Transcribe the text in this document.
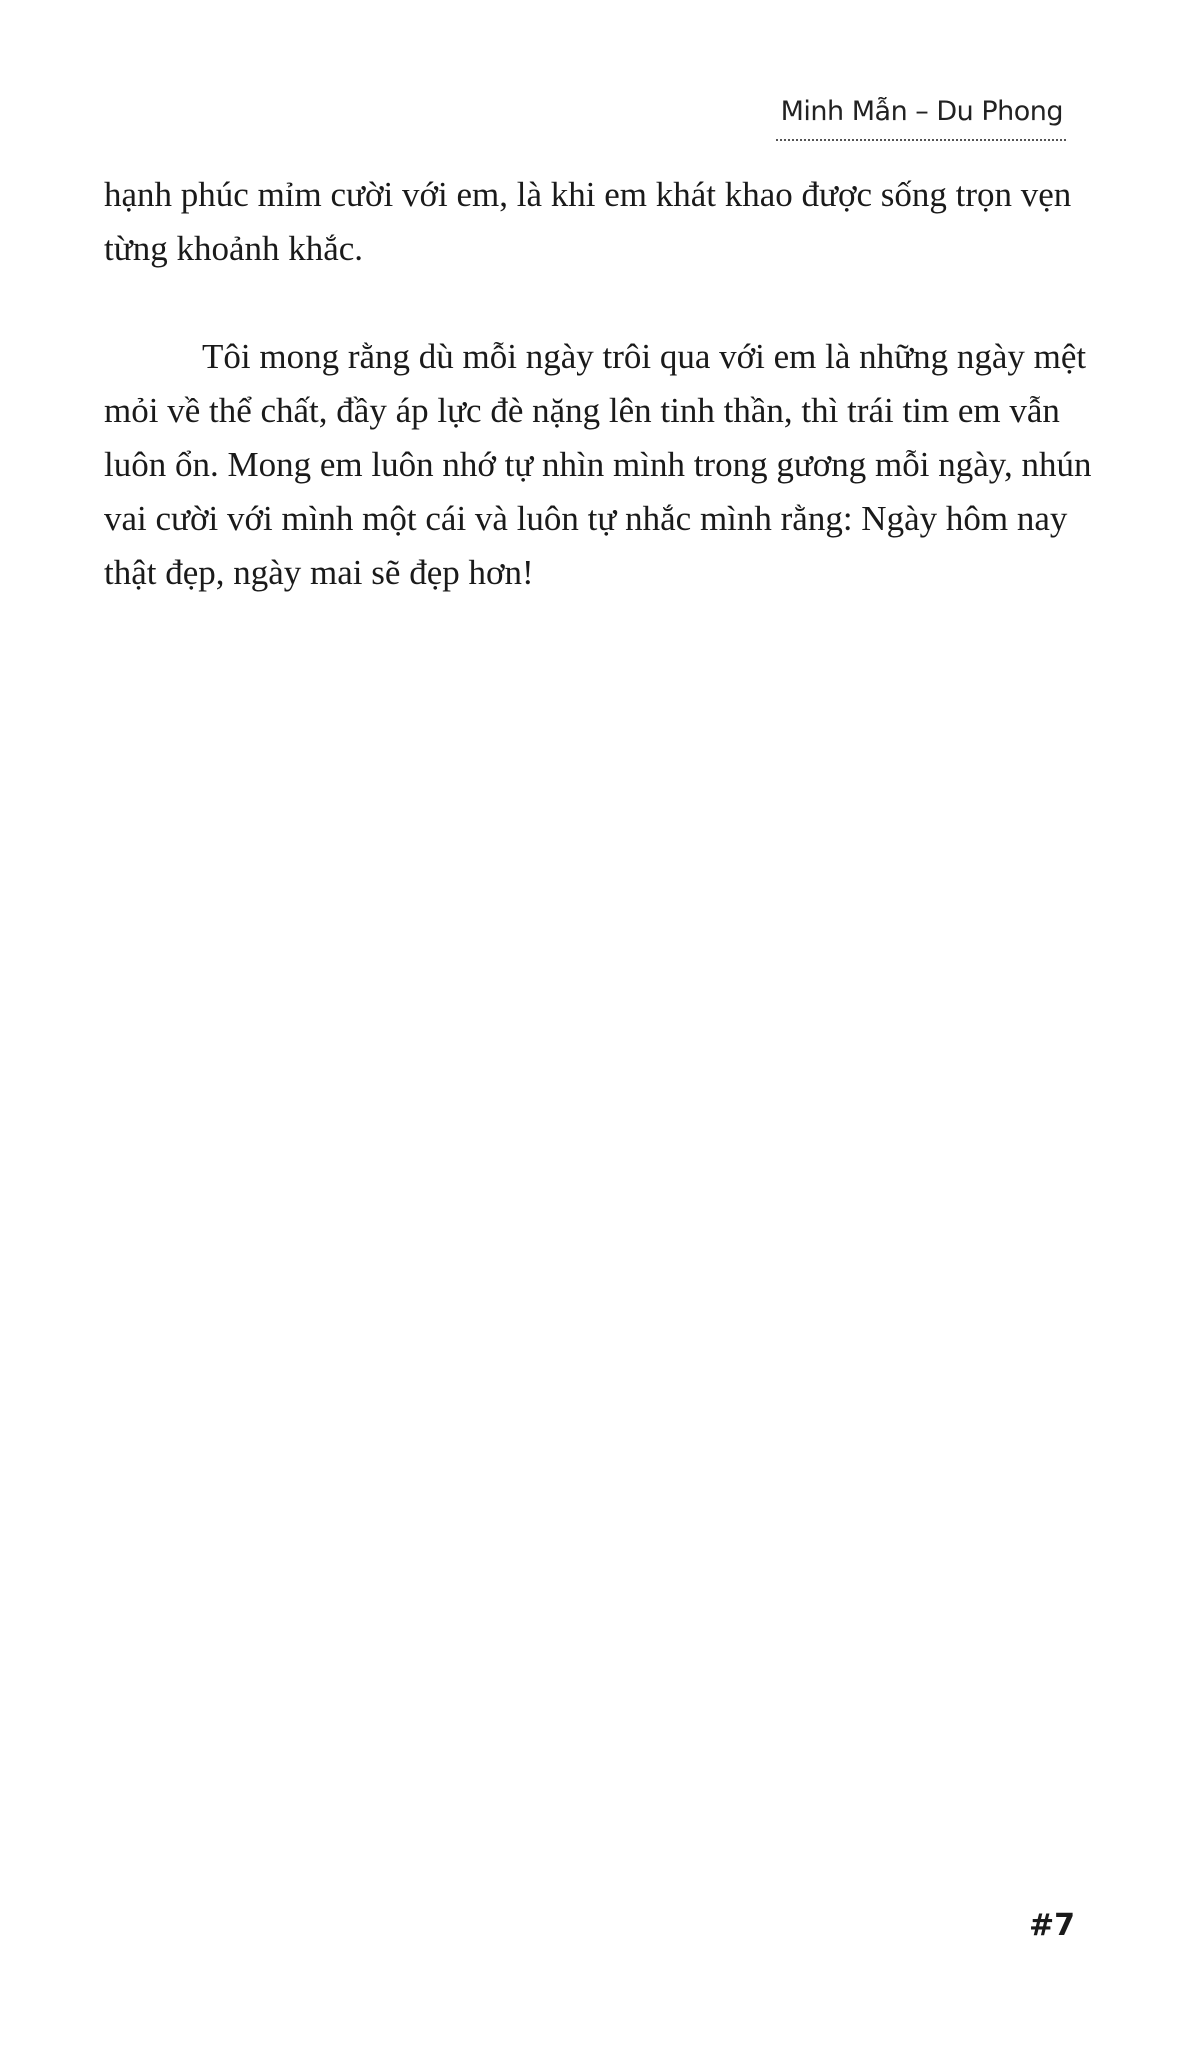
Minh Mẫn – Du Phong

hạnh phúc mỉm cười với em, là khi em khát khao được sống trọn vẹn từng khoảnh khắc.

Tôi mong rằng dù mỗi ngày trôi qua với em là những ngày mệt mỏi về thể chất, đầy áp lực đè nặng lên tinh thần, thì trái tim em vẫn luôn ổn. Mong em luôn nhớ tự nhìn mình trong gương mỗi ngày, nhún vai cười với mình một cái và luôn tự nhắc mình rằng: Ngày hôm nay thật đẹp, ngày mai sẽ đẹp hơn!

#7
